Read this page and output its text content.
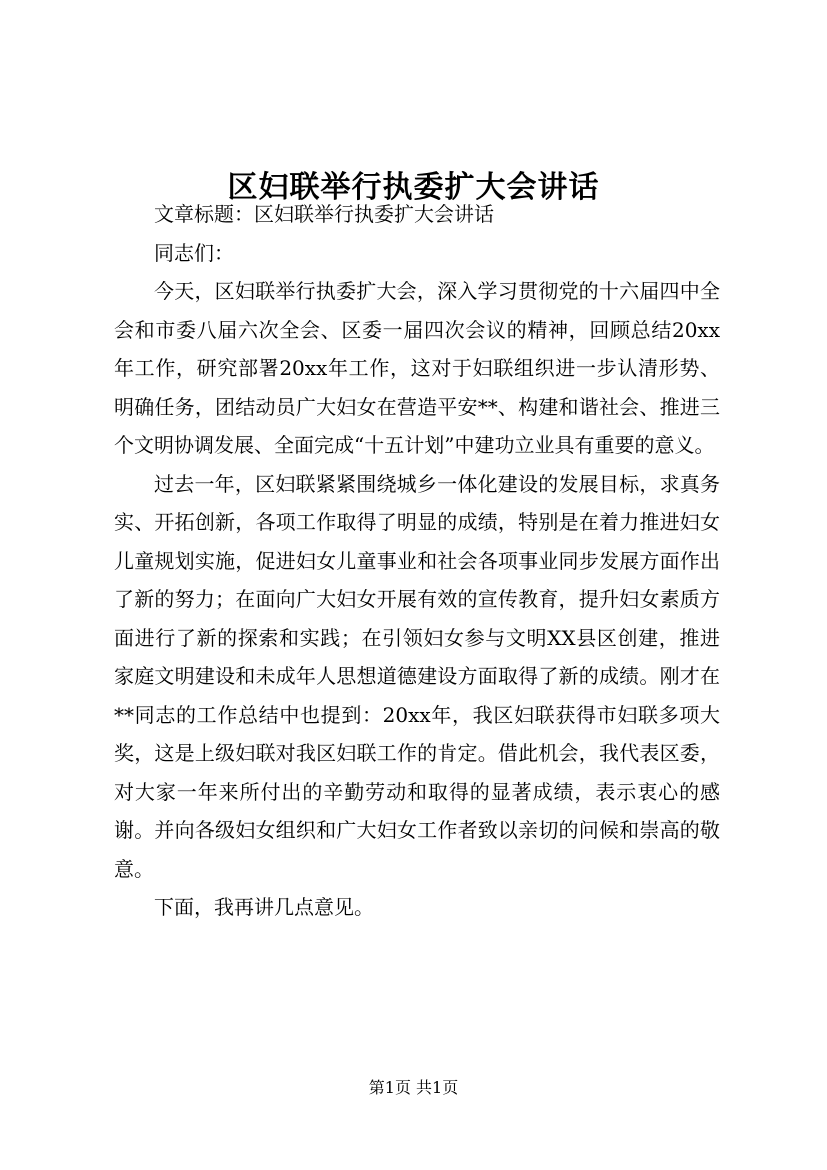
区妇联举行执委扩大会讲话

文章标题：区妇联举行执委扩大会讲话

同志们：

今天，区妇联举行执委扩大会，深入学习贯彻党的十六届四中全会和市委八届六次全会、区委一届四次会议的精神，回顾总结20xx年工作，研究部署20xx年工作，这对于妇联组织进一步认清形势、明确任务，团结动员广大妇女在营造平安**、构建和谐社会、推进三个文明协调发展、全面完成“十五计划”中建功立业具有重要的意义。

过去一年，区妇联紧紧围绕城乡一体化建设的发展目标，求真务实、开拓创新，各项工作取得了明显的成绩，特别是在着力推进妇女儿童规划实施，促进妇女儿童事业和社会各项事业同步发展方面作出了新的努力；在面向广大妇女开展有效的宣传教育，提升妇女素质方面进行了新的探索和实践；在引领妇女参与文明XX县区创建，推进家庭文明建设和未成年人思想道德建设方面取得了新的成绩。刚才在**同志的工作总结中也提到：20xx年，我区妇联获得市妇联多项大奖，这是上级妇联对我区妇联工作的肯定。借此机会，我代表区委，对大家一年来所付出的辛勤劳动和取得的显著成绩，表示衷心的感谢。并向各级妇女组织和广大妇女工作者致以亲切的问候和崇高的敬意。

下面，我再讲几点意见。

第1页 共1页
